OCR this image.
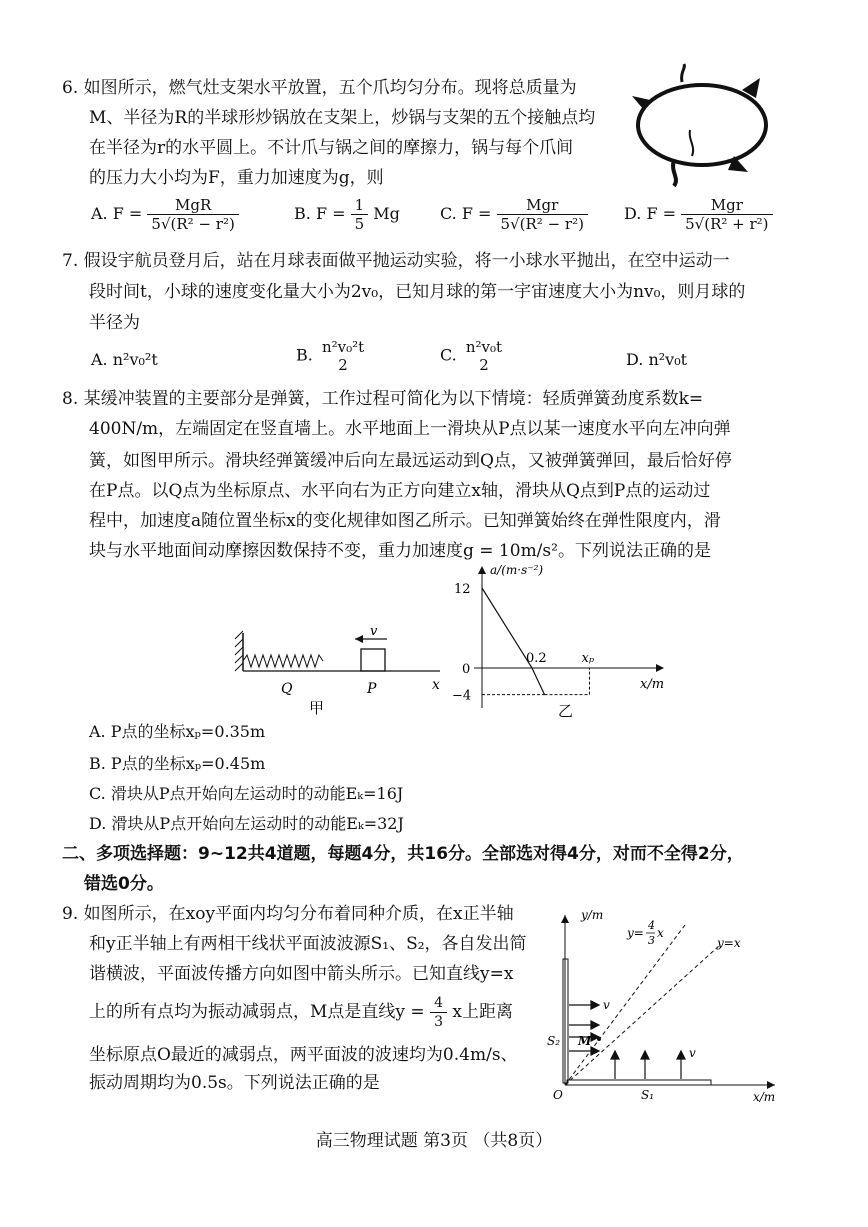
6. 如图所示，燃气灶支架水平放置，五个爪均匀分布。现将总质量为
M、半径为R的半球形炒锅放在支架上，炒锅与支架的五个接触点均
在半径为r的水平圆上。不计爪与锅之间的摩擦力，锅与每个爪间
的压力大小均为F，重力加速度为g，则
A. $F = \frac{\text{MgR}}{\text{5√(R² − r²)}}$	B. $F = \frac{1}{5}$ Mg	C. $F = \frac{\text{Mgr}}{\text{5√(R² − r²)}} D$. $F = \frac{\text{Mgr}}{\text{5√(R² + r²)}}$
7. 假设宇航员登月后，站在月球表面做平抛运动实验，将一小球水平抛出，在空中运动一
段时间t，小球的速度变化量大小为2v₀，已知月球的第一宇宙速度大小为nv₀，则月球的
半径为
A. n²v₀²t	B. n²v₀²t
2
C. n²v₀t
2	D. n²v₀t
8. 某缓冲装置的主要部分是弹簧，工作过程可简化为以下情境：轻质弹簧劲度系数k=
400N/m，左端固定在竖直墙上。水平地面上一滑块从P点以某一速度水平向左冲向弹
簧，如图甲所示。滑块经弹簧缓冲后向左最远运动到Q点，又被弹簧弹回，最后恰好停
在P点。以Q点为坐标原点、水平向右为正方向建立x轴，滑块从Q点到P点的运动过
程中，加速度a随位置坐标x的变化规律如图乙所示。已知弹簧始终在弹性限度内，滑
块与水平地面间动摩擦因数保持不变，重力加速度g = 10m/s²。下列说法正确的是
v
Q	P	x
甲
12
0
−4
0.2	xₚ
a/(m·s⁻²)
x/m
乙
A. P点的坐标xₚ=0.35m
B. P点的坐标xₚ=0.45m
C. 滑块从P点开始向左运动时的动能Eₖ=16J
D. 滑块从P点开始向左运动时的动能Eₖ=32J
二、多项选择题：9~12共4道题，每题4分，共16分。全部选对得4分，对而不全得2分，
错选0分。
9. 如图所示，在xoy平面内均匀分布着同种介质，在x正半轴
和y正半轴上有两相干线状平面波波源S₁、S₂，各自发出简
谐横波，平面波传播方向如图中箭头所示。已知直线y=x
上的所有点均为振动减弱点，M点是直线$y = \frac{4}{3}$ x上距离
坐标原点O最近的减弱点，两平面波的波速均为0.4m/s、
振动周期均为0.5s。下列说法正确的是
y/m
x/m
O	S₁
S₂ M
v
v
y=
4
3
x
y=x
高三物理试题 第3页 （共8页）
